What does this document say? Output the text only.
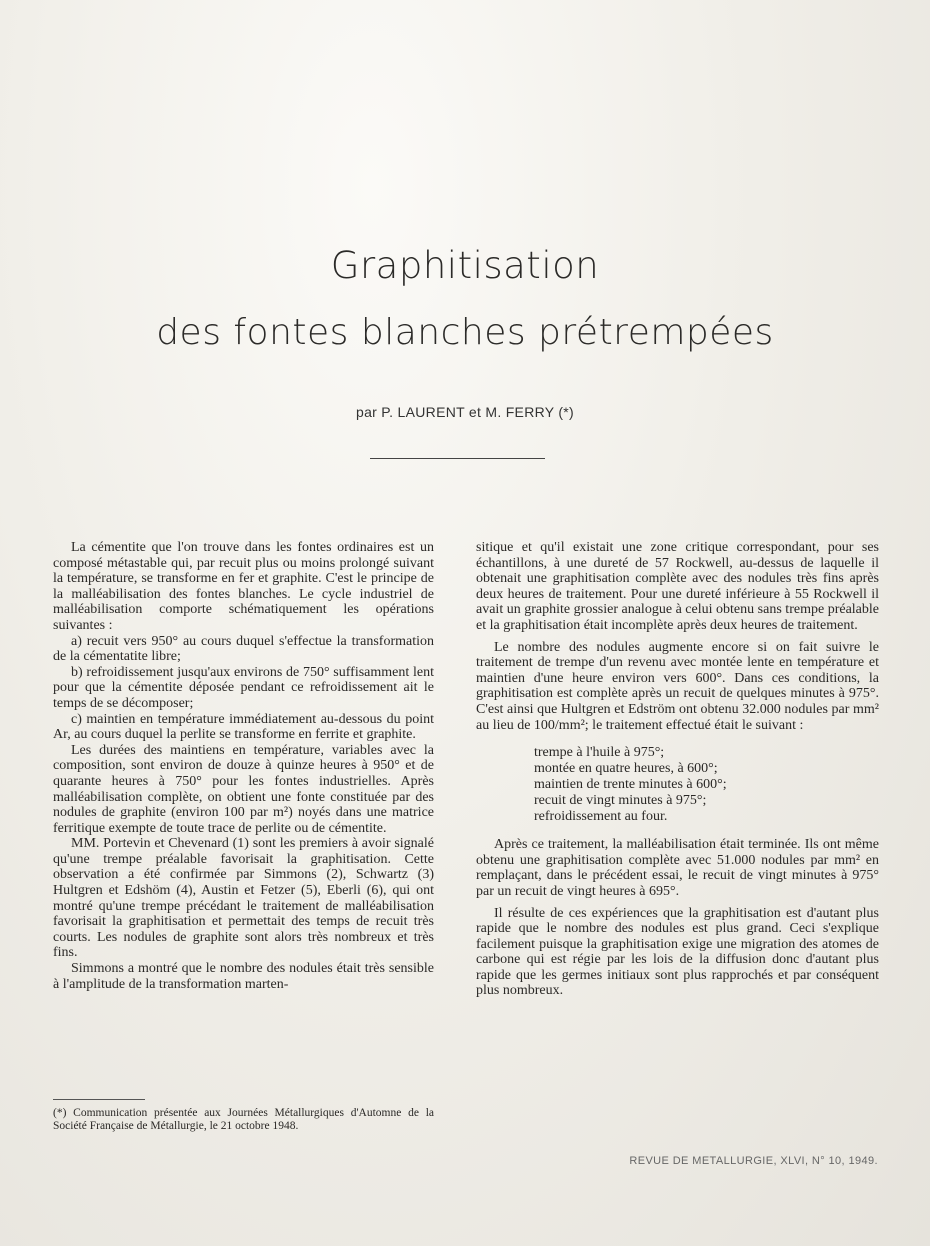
Graphitisation
des fontes blanches prétrempées
par P. LAURENT et M. FERRY (*)

La cémentite que l'on trouve dans les fontes ordinaires est un composé métastable qui, par recuit plus ou moins prolongé suivant la température, se transforme en fer et graphite. C'est le principe de la malléabilisation des fontes blanches. Le cycle industriel de malléabilisation comporte schématiquement les opérations suivantes :

a) recuit vers 950° au cours duquel s'effectue la transformation de la cémentatite libre;

b) refroidissement jusqu'aux environs de 750° suffisamment lent pour que la cémentite déposée pendant ce refroidissement ait le temps de se décomposer;

c) maintien en température immédiatement au-dessous du point Ar, au cours duquel la perlite se transforme en ferrite et graphite.

Les durées des maintiens en température, variables avec la composition, sont environ de douze à quinze heures à 950° et de quarante heures à 750° pour les fontes industrielles. Après malléabilisation complète, on obtient une fonte constituée par des nodules de graphite (environ 100 par m²) noyés dans une matrice ferritique exempte de toute trace de perlite ou de cémentite.

MM. Portevin et Chevenard (1) sont les premiers à avoir signalé qu'une trempe préalable favorisait la graphitisation. Cette observation a été confirmée par Simmons (2), Schwartz (3) Hultgren et Edshöm (4), Austin et Fetzer (5), Eberli (6), qui ont montré qu'une trempe précédant le traitement de malléabilisation favorisait la graphitisation et permettait des temps de recuit très courts. Les nodules de graphite sont alors très nombreux et très fins.

Simmons a montré que le nombre des nodules était très sensible à l'amplitude de la transformation marten-

sitique et qu'il existait une zone critique correspondant, pour ses échantillons, à une dureté de 57 Rockwell, au-dessus de laquelle il obtenait une graphitisation complète avec des nodules très fins après deux heures de traitement. Pour une dureté inférieure à 55 Rockwell il avait un graphite grossier analogue à celui obtenu sans trempe préalable et la graphitisation était incomplète après deux heures de traitement.

Le nombre des nodules augmente encore si on fait suivre le traitement de trempe d'un revenu avec montée lente en température et maintien d'une heure environ vers 600°. Dans ces conditions, la graphitisation est complète après un recuit de quelques minutes à 975°. C'est ainsi que Hultgren et Edström ont obtenu 32.000 nodules par mm² au lieu de 100/mm²; le traitement effectué était le suivant :

trempe à l'huile à 975°;
montée en quatre heures, à 600°;
maintien de trente minutes à 600°;
recuit de vingt minutes à 975°;
refroidissement au four.

Après ce traitement, la malléabilisation était terminée. Ils ont même obtenu une graphitisation complète avec 51.000 nodules par mm² en remplaçant, dans le précédent essai, le recuit de vingt minutes à 975° par un recuit de vingt heures à 695°.

Il résulte de ces expériences que la graphitisation est d'autant plus rapide que le nombre des nodules est plus grand. Ceci s'explique facilement puisque la graphitisation exige une migration des atomes de carbone qui est régie par les lois de la diffusion donc d'autant plus rapide que les germes initiaux sont plus rapprochés et par conséquent plus nombreux.

(*) Communication présentée aux Journées Métallurgiques d'Automne de la Société Française de Métallurgie, le 21 octobre 1948.
REVUE DE METALLURGIE, XLVI, N° 10, 1949.
